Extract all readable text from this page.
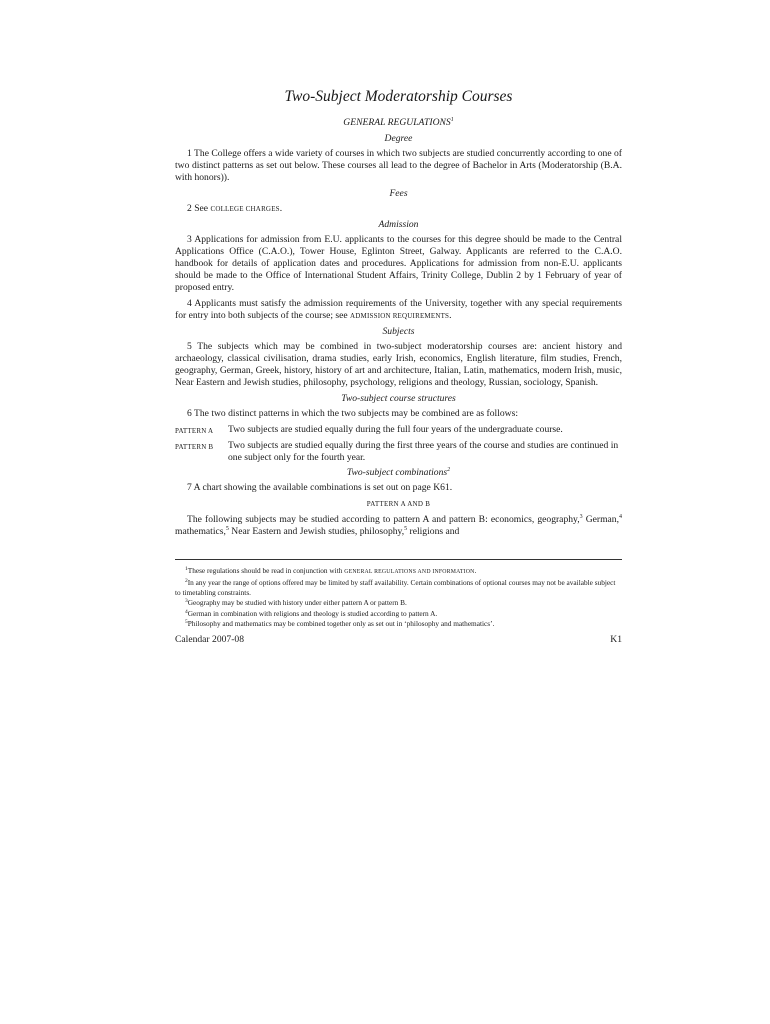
Two-Subject Moderatorship Courses
GENERAL REGULATIONS$^1$
Degree

1 The College offers a wide variety of courses in which two subjects are studied concurrently according to one of two distinct patterns as set out below. These courses all lead to the degree of Bachelor in Arts (Moderatorship (B.A. with honors)).

Fees

2 See COLLEGE CHARGES.

Admission

3 Applications for admission from E.U. applicants to the courses for this degree should be made to the Central Applications Office (C.A.O.), Tower House, Eglinton Street, Galway. Applicants are referred to the C.A.O. handbook for details of application dates and procedures. Applications for admission from non-E.U. applicants should be made to the Office of International Student Affairs, Trinity College, Dublin 2 by 1 February of year of proposed entry.

4 Applicants must satisfy the admission requirements of the University, together with any special requirements for entry into both subjects of the course; see ADMISSION REQUIREMENTS.

Subjects

5 The subjects which may be combined in two-subject moderatorship courses are: ancient history and archaeology, classical civilisation, drama studies, early Irish, economics, English literature, film studies, French, geography, German, Greek, history, history of art and architecture, Italian, Latin, mathematics, modern Irish, music, Near Eastern and Jewish studies, philosophy, psychology, religions and theology, Russian, sociology, Spanish.

Two-subject course structures

6 The two distinct patterns in which the two subjects may be combined are as follows:

PATTERN A	Two subjects are studied equally during the full four years of the undergraduate course.
PATTERN B	Two subjects are studied equally during the first three years of the course and studies are continued in one subject only for the fourth year.
Two-subject combinations$^2$

7 A chart showing the available combinations is set out on page K61.

PATTERN A AND B

The following subjects may be studied according to pattern A and pattern B: economics, geography,$^3$ German,$^4$ mathematics,$^5$ Near Eastern and Jewish studies, philosophy,$^5$ religions and

$^1$These regulations should be read in conjunction with GENERAL REGULATIONS AND INFORMATION.
$^2$In any year the range of options offered may be limited by staff availability. Certain combinations of optional courses may not be available subject to timetabling constraints.
$^3$Geography may be studied with history under either pattern A or pattern B.
$^4$German in combination with religions and theology is studied according to pattern A.
$^5$Philosophy and mathematics may be combined together only as set out in ‘philosophy and mathematics’.
Calendar 2007-08	K1
